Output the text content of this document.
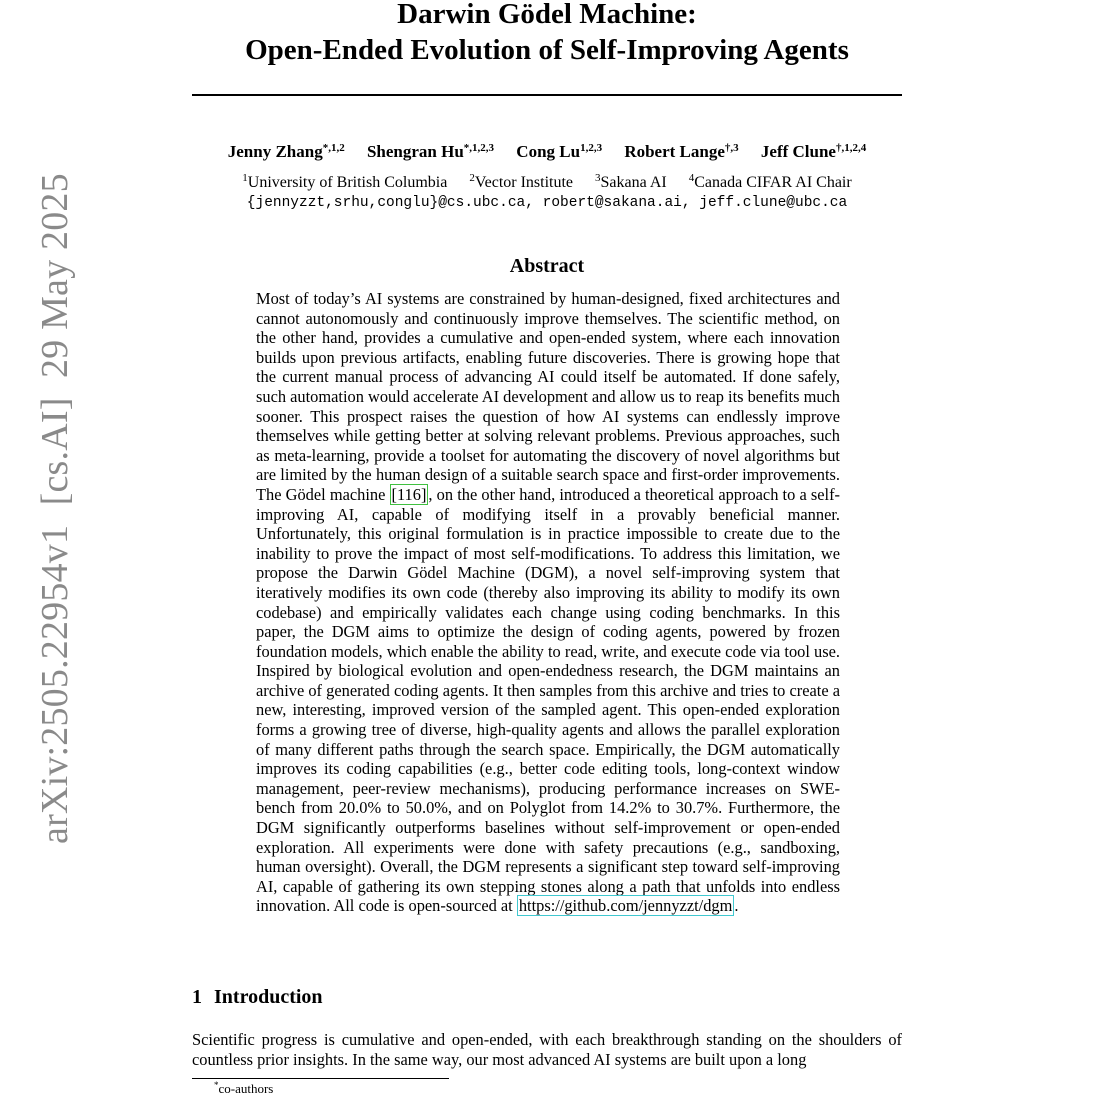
arXiv:2505.22954v1  [cs.AI]  29 May 2025
Darwin Gödel Machine:
Open-Ended Evolution of Self-Improving Agents
Jenny Zhang$^{*,1,2}$ Shengran $Hu^{*,1,2,3}$ Cong Lu$^{1,2,3}$ Robert Lange$^{\dagger,3}$ Jeff Clune$^{\dagger,1,2,4}$
$^1$University of British Columbia $^2$Vector Institute $^3$Sakana AI $^4$Canada CIFAR AI Chair
{jennyzzt,srhu,conglu}@cs.ubc.ca, robert@sakana.ai, jeff.clune@ubc.ca
Abstract
Most of today’s AI systems are constrained by human-designed, fixed architectures and cannot autonomously and continuously improve themselves. The scientific method, on the other hand, provides a cumulative and open-ended system, where each innovation builds upon previous artifacts, enabling future discoveries. There is growing hope that the current manual process of advancing AI could itself be automated. If done safely, such automation would accelerate AI development and allow us to reap its benefits much sooner. This prospect raises the question of how AI systems can endlessly improve themselves while getting better at solving relevant problems. Previous approaches, such as meta-learning, provide a toolset for automating the discovery of novel algorithms but are limited by the human design of a suitable search space and first-order improvements. The Gödel machine [116] , on the other hand, introduced a theoretical approach to a self-improving AI, capable of modifying itself in a provably beneficial manner. Unfortunately, this original formulation is in practice impossible to create due to the inability to prove the impact of most self-modifications. To address this limitation, we propose the Darwin Gödel Machine (DGM), a novel self-improving system that iteratively modifies its own code (thereby also improving its ability to modify its own codebase) and empirically validates each change using coding benchmarks. In this paper, the DGM aims to optimize the design of coding agents, powered by frozen foundation models, which enable the ability to read, write, and execute code via tool use. Inspired by biological evolution and open-endedness research, the DGM maintains an archive of generated coding agents. It then samples from this archive and tries to create a new, interesting, improved version of the sampled agent. This open-ended exploration forms a growing tree of diverse, high-quality agents and allows the parallel exploration of many different paths through the search space. Empirically, the DGM automatically improves its coding capabilities (e.g., better code editing tools, long-context window management, peer-review mechanisms), producing performance increases on SWE-bench from 20.0% to 50.0%, and on Polyglot from 14.2% to 30.7%. Furthermore, the DGM significantly outperforms baselines without self-improvement or open-ended exploration. All experiments were done with safety precautions (e.g., sandboxing, human oversight). Overall, the DGM represents a significant step toward self-improving AI, capable of gathering its own stepping stones along a path that unfolds into endless innovation. All code is open-sourced at https://github.com/jennyzzt/dgm .
1 Introduction
Scientific progress is cumulative and open-ended, with each breakthrough standing on the shoulders of countless prior insights. In the same way, our most advanced AI systems are built upon a long
*co-authors
